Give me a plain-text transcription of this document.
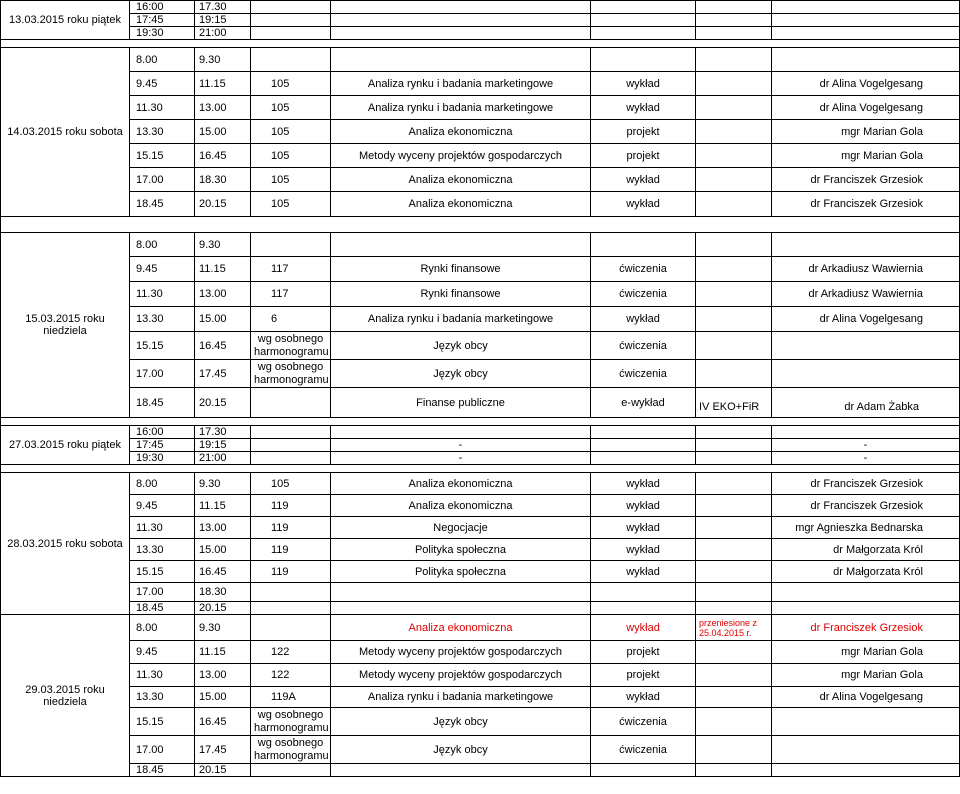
13.03.2015 roku piątek	16:00	17.30					
	17:45	19:15					
	19:30	21:00					

14.03.2015 roku sobota	8.00	9.30					
	9.45	11.15	105	Analiza rynku i badania marketingowe	wykład		dr Alina Vogelgesang
	11.30	13.00	105	Analiza rynku i badania marketingowe	wykład		dr Alina Vogelgesang
	13.30	15.00	105	Analiza ekonomiczna	projekt		mgr Marian Gola
	15.15	16.45	105	Metody wyceny projektów gospodarczych	projekt		mgr Marian Gola
	17.00	18.30	105	Analiza ekonomiczna	wykład		dr Franciszek Grzesiok
	18.45	20.15	105	Analiza ekonomiczna	wykład		dr Franciszek Grzesiok

15.03.2015 roku niedziela	8.00	9.30					
	9.45	11.15	117	Rynki finansowe	ćwiczenia		dr Arkadiusz Wawiernia
	11.30	13.00	117	Rynki finansowe	ćwiczenia		dr Arkadiusz Wawiernia
	13.30	15.00	6	Analiza rynku i badania marketingowe	wykład		dr Alina Vogelgesang
	15.15	16.45	wg osobnego harmonogramu	Język obcy	ćwiczenia		
	17.00	17.45	wg osobnego harmonogramu	Język obcy	ćwiczenia		
	18.45	20.15		Finanse publiczne	e-wykład	IV EKO+FiR	dr Adam Żabka

27.03.2015 roku piątek	16:00	17.30					
	17:45	19:15		-			-
	19:30	21:00		-			-

28.03.2015 roku sobota	8.00	9.30	105	Analiza ekonomiczna	wykład		dr Franciszek Grzesiok
	9.45	11.15	119	Analiza ekonomiczna	wykład		dr Franciszek Grzesiok
	11.30	13.00	119	Negocjacje	wykład		mgr Agnieszka Bednarska
	13.30	15.00	119	Polityka społeczna	wykład		dr Małgorzata Król
	15.15	16.45	119	Polityka społeczna	wykład		dr Małgorzata Król
	17.00	18.30					
	18.45	20.15					
29.03.2015 roku niedziela	8.00	9.30		Analiza ekonomiczna	wykład	przeniesione z 25.04.2015 r.	dr Franciszek Grzesiok
	9.45	11.15	122	Metody wyceny projektów gospodarczych	projekt		mgr Marian Gola
	11.30	13.00	122	Metody wyceny projektów gospodarczych	projekt		mgr Marian Gola
	13.30	15.00	119A	Analiza rynku i badania marketingowe	wykład		dr Alina Vogelgesang
	15.15	16.45	wg osobnego harmonogramu	Język obcy	ćwiczenia		
	17.00	17.45	wg osobnego harmonogramu	Język obcy	ćwiczenia		
	18.45	20.15					
